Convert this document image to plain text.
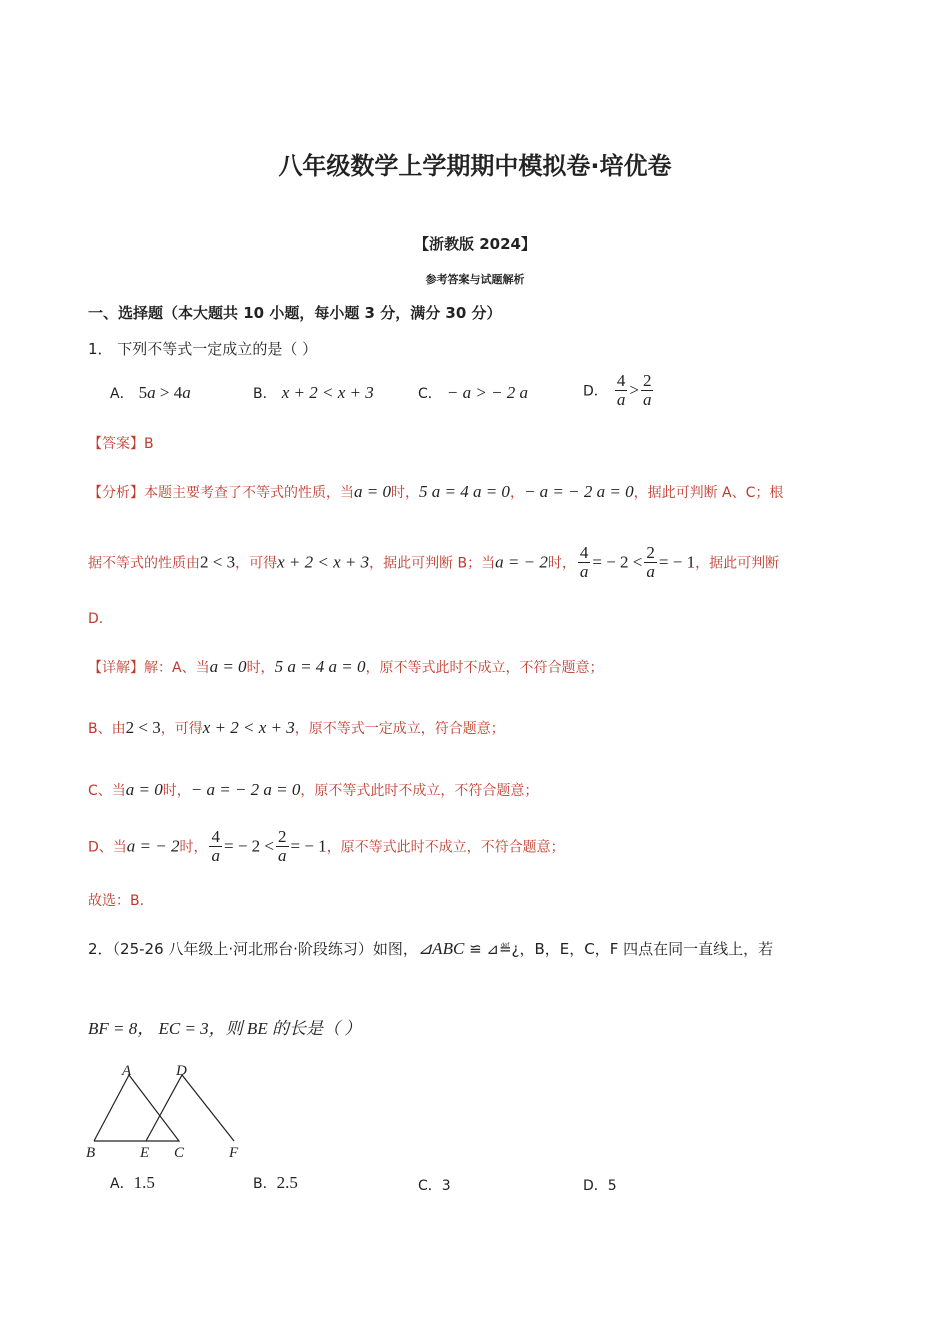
八年级数学上学期期中模拟卷·培优卷
【浙教版 2024】
参考答案与试题解析
一、选择题（本大题共 10 小题，每小题 3 分，满分 30 分）
1． 下列不等式一定成立的是（ ）
A． 5a > 4a	B． x + 2 < x + 3	C． − a > − 2 a	D． $\frac{4}{a} > \frac{2}{a}$
【答案】B
【分析】本题主要考查了不等式的性质，当a = 0时，5 a = 4 a = 0，− a = − 2 a = 0，据此可判断 A、C；根
据不等式的性质由2 < 3，可得x + 2 < x + 3，据此可判断 B；当a = − 2时， $\frac{4}{a}$ = − $2 < \frac{2}{a}$ = − 1，据此可判断
D.
【详解】解：A、当a = 0时，5 a = 4 a = 0，原不等式此时不成立，不符合题意；
B、由2 < 3，可得x + 2 < x + 3，原不等式一定成立，符合题意；
C、当a = 0时，− a = − 2 a = 0，原不等式此时不成立，不符合题意；
D、当a = − 2时， $\frac{4}{a}$ = − $2 < \frac{2}{a}$ = − 1，原不等式此时不成立，不符合题意；
故选：B.
2．（25-26 八年级上·河北邢台·阶段练习）如图，⊿ABC ≌ ⊿≝¿，B，E，C，F 四点在同一直线上，若
BF = 8， EC = 3，则 BE 的长是（ ）
A	D
B	E C	F
A．1.5	B．2.5	C．3	D．5
